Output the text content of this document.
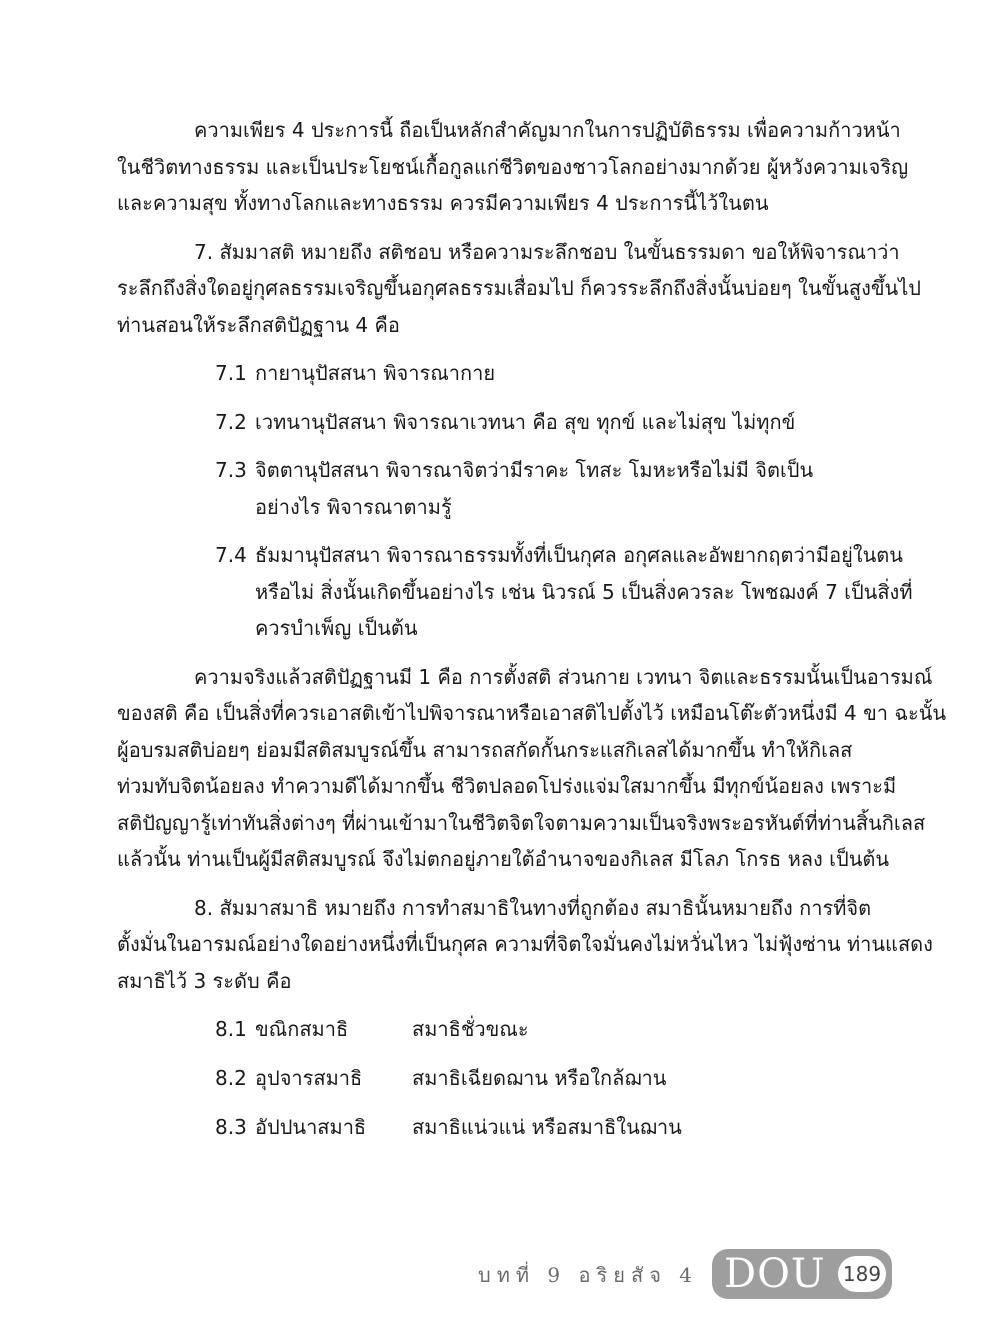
ความเพียร 4 ประการนี้ ถือเป็นหลักสำคัญมากในการปฏิบัติธรรม เพื่อความก้าวหน้า
ในชีวิตทางธรรม และเป็นประโยชน์เกื้อกูลแก่ชีวิตของชาวโลกอย่างมากด้วย ผู้หวังความเจริญ
และความสุข ทั้งทางโลกและทางธรรม ควรมีความเพียร 4 ประการนี้ไว้ในตน
7. สัมมาสติ หมายถึง สติชอบ หรือความระลึกชอบ ในขั้นธรรมดา ขอให้พิจารณาว่า
ระลึกถึงสิ่งใดอยู่กุศลธรรมเจริญขึ้นอกุศลธรรมเสื่อมไป ก็ควรระลึกถึงสิ่งนั้นบ่อยๆ ในขั้นสูงขึ้นไป
ท่านสอนให้ระลึกสติปัฏฐาน 4 คือ
7.1 กายานุปัสสนา พิจารณากาย
7.2 เวทนานุปัสสนา พิจารณาเวทนา คือ สุข ทุกข์ และไม่สุข ไม่ทุกข์
7.3 จิตตานุปัสสนา พิจารณาจิตว่ามีราคะ โทสะ โมหะหรือไม่มี จิตเป็น
อย่างไร พิจารณาตามรู้
7.4 ธัมมานุปัสสนา พิจารณาธรรมทั้งที่เป็นกุศล อกุศลและอัพยากฤตว่ามีอยู่ในตน
หรือไม่ สิ่งนั้นเกิดขึ้นอย่างไร เช่น นิวรณ์ 5 เป็นสิ่งควรละ โพชฌงค์ 7 เป็นสิ่งที่
ควรบำเพ็ญ เป็นต้น
ความจริงแล้วสติปัฏฐานมี 1 คือ การตั้งสติ ส่วนกาย เวทนา จิตและธรรมนั้นเป็นอารมณ์
ของสติ คือ เป็นสิ่งที่ควรเอาสติเข้าไปพิจารณาหรือเอาสติไปตั้งไว้ เหมือนโต๊ะตัวหนึ่งมี 4 ขา ฉะนั้น
ผู้อบรมสติบ่อยๆ ย่อมมีสติสมบูรณ์ขึ้น สามารถสกัดกั้นกระแสกิเลสได้มากขึ้น ทำให้กิเลส
ท่วมทับจิตน้อยลง ทำความดีได้มากขึ้น ชีวิตปลอดโปร่งแจ่มใสมากขึ้น มีทุกข์น้อยลง เพราะมี
สติปัญญารู้เท่าทันสิ่งต่างๆ ที่ผ่านเข้ามาในชีวิตจิตใจตามความเป็นจริงพระอรหันต์ที่ท่านสิ้นกิเลส
แล้วนั้น ท่านเป็นผู้มีสติสมบูรณ์ จึงไม่ตกอยู่ภายใต้อำนาจของกิเลส มีโลภ โกรธ หลง เป็นต้น
8. สัมมาสมาธิ หมายถึง การทำสมาธิในทางที่ถูกต้อง สมาธินั้นหมายถึง การที่จิต
ตั้งมั่นในอารมณ์อย่างใดอย่างหนึ่งที่เป็นกุศล ความที่จิตใจมั่นคงไม่หวั่นไหว ไม่ฟุ้งซ่าน ท่านแสดง
สมาธิไว้ 3 ระดับ คือ
8.1 ขณิกสมาธิ	สมาธิชั่วขณะ
8.2 อุปจารสมาธิ สมาธิเฉียดฌาน หรือใกล้ฌาน
8.3 อัปปนาสมาธิ สมาธิแน่วแน่ หรือสมาธิในฌาน
บทที่ 9 อริยสัจ 4 DOU 189
